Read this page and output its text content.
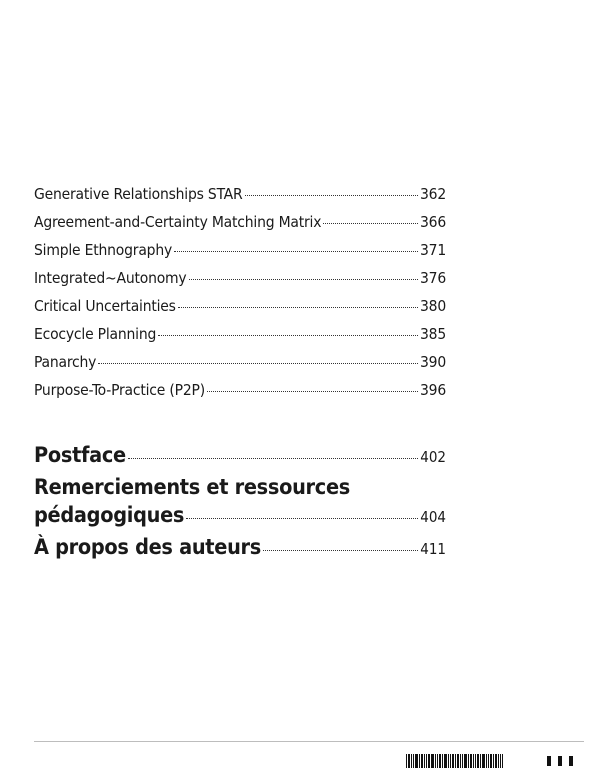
Generative Relationships STAR	362
Agreement-and-Certainty Matching Matrix	366
Simple Ethnography	371
Integrated~Autonomy	376
Critical Uncertainties	380
Ecocycle Planning	385
Panarchy	390
Purpose-To-Practice (P2P)	396
Postface	402
Remerciements et ressources
pédagogiques	404
À propos des auteurs	411
